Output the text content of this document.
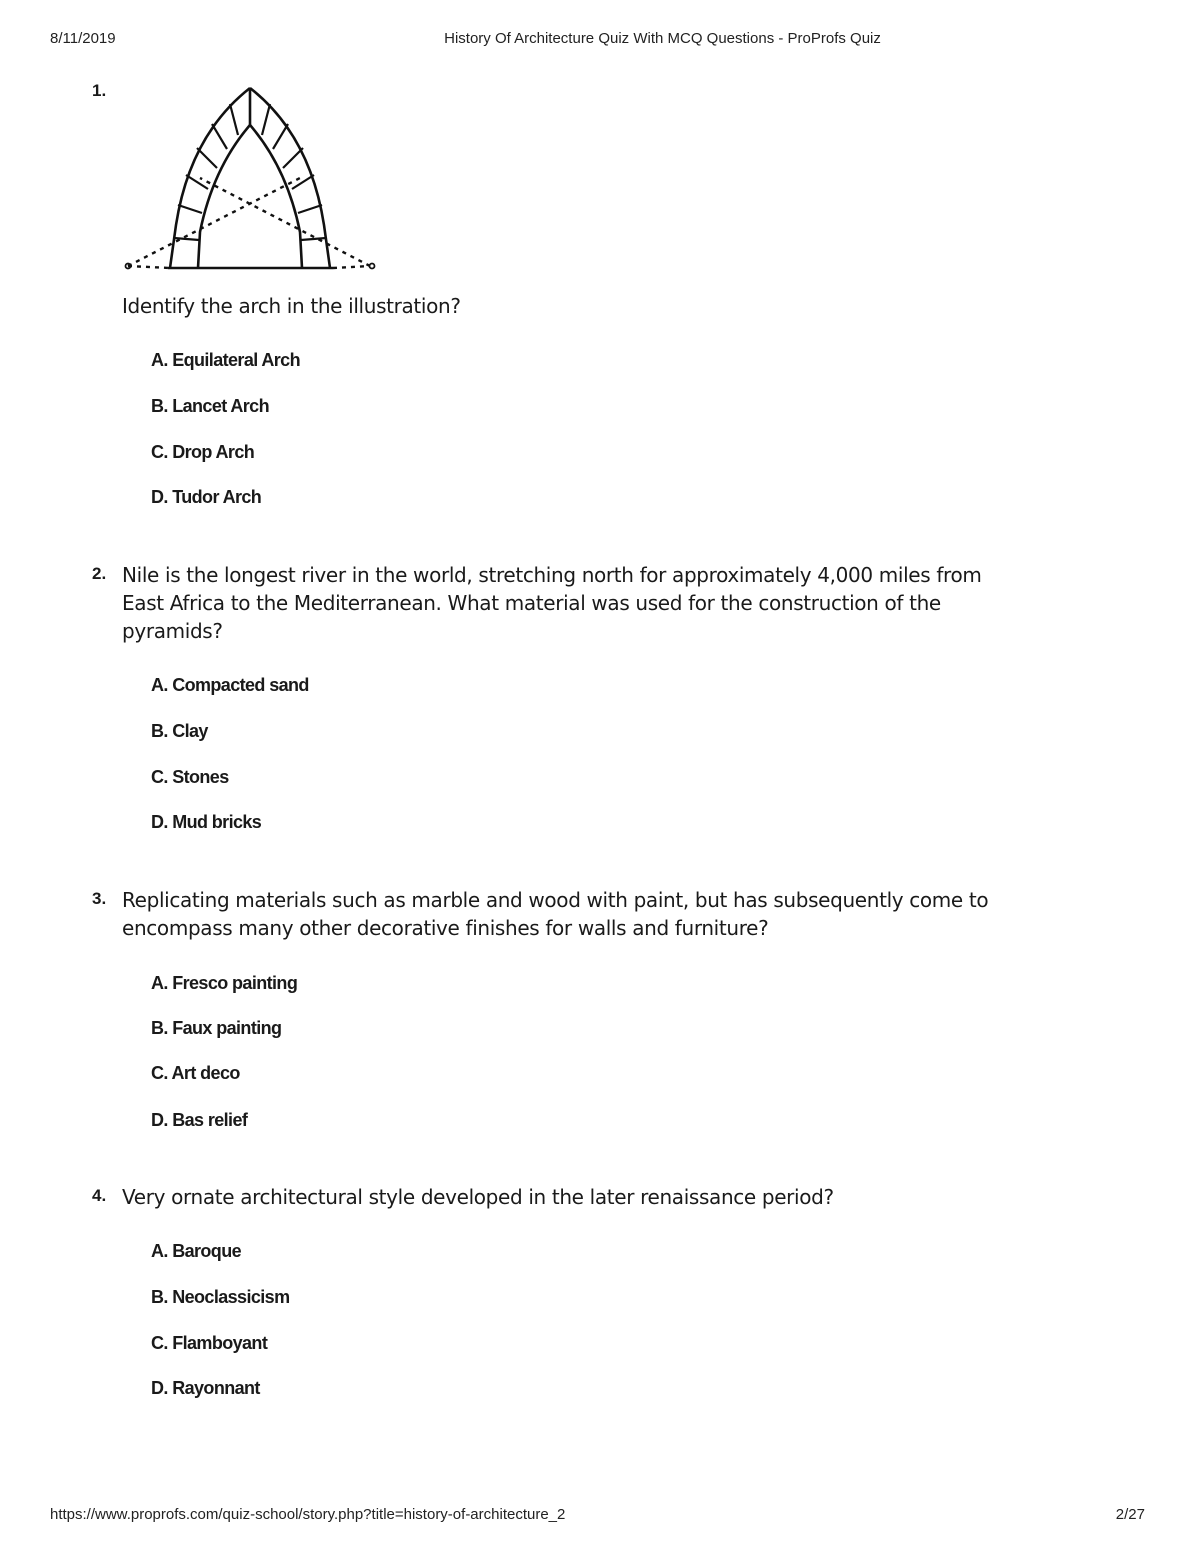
8/11/2019	History Of Architecture Quiz With MCQ Questions - ProProfs Quiz
1.
Identify the arch in the illustration?
A. Equilateral Arch
B. Lancet Arch
C. Drop Arch
D. Tudor Arch
2. Nile is the longest river in the world, stretching north for approximately 4,000 miles from East Africa to the Mediterranean. What material was used for the construction of the pyramids?
A. Compacted sand
B. Clay
C. Stones
D. Mud bricks
3. Replicating materials such as marble and wood with paint, but has subsequently come to encompass many other decorative finishes for walls and furniture?
A. Fresco painting
B. Faux painting
C. Art deco
D. Bas relief
4. Very ornate architectural style developed in the later renaissance period?
A. Baroque
B. Neoclassicism
C. Flamboyant
D. Rayonnant
https://www.proprofs.com/quiz-school/story.php?title=history-of-architecture_2	2/27
